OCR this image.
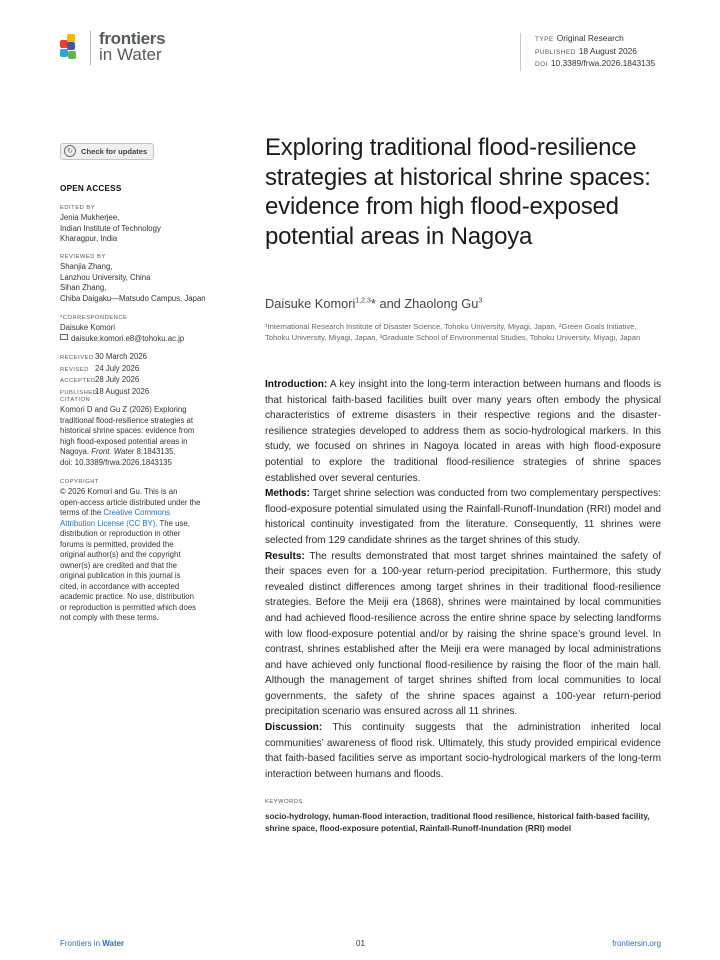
frontiers
in Water
TYPE Original Research
PUBLISHED 18 August 2026
DOI 10.3389/frwa.2026.1843135
↻	Check for updates
OPEN ACCESS
EDITED BY
Jenia Mukherjee,
Indian Institute of Technology
Kharagpur, India
REVIEWED BY
Shanjia Zhang,
Lanzhou University, China
Sihan Zhang,
Chiba Daigaku—Matsudo Campus, Japan
*CORRESPONDENCE
Daisuke Komori
daisuke.komori.e8@tohoku.ac.jp
RECEIVED30 March 2026
REVISED 24 July 2026
ACCEPTED28 July 2026
PUBLISHED18 August 2026
CITATION
Komori D and Gu Z (2026) Exploring
traditional flood-resilience strategies at
historical shrine spaces: evidence from
high flood-exposed potential areas in
Nagoya. Front. Water 8:1843135.
doi: 10.3389/frwa.2026.1843135
COPYRIGHT
© 2026 Komori and Gu. This is an
open-access article distributed under the
terms of the Creative Commons
Attribution License (CC BY). The use,
distribution or reproduction in other
forums is permitted, provided the
original author(s) and the copyright
owner(s) are credited and that the
original publication in this journal is
cited, in accordance with accepted
academic practice. No use, distribution
or reproduction is permitted which does
not comply with these terms.
Exploring traditional flood-resilience strategies at historical shrine spaces: evidence from high flood-exposed potential areas in Nagoya
Daisuke Komori$^{1,2,3}$* and Zhaolong Gu$^3$
¹International Research Institute of Disaster Science, Tohoku University, Miyagi, Japan, ²Green Goals Initiative, Tohoku University, Miyagi, Japan, ³Graduate School of Environmental Studies, Tohoku University, Miyagi, Japan

Introduction: A key insight into the long-term interaction between humans and floods is that historical faith-based facilities built over many years often embody the physical characteristics of extreme disasters in their respective regions and the disaster-resilience strategies developed to address them as socio-hydrological markers. In this study, we focused on shrines in Nagoya located in areas with high flood-exposure potential to explore the traditional flood-resilience strategies of shrine spaces established over several centuries.

Methods: Target shrine selection was conducted from two complementary perspectives: flood-exposure potential simulated using the Rainfall-Runoff-Inundation (RRI) model and historical continuity investigated from the literature. Consequently, 11 shrines were selected from 129 candidate shrines as the target shrines of this study.

Results: The results demonstrated that most target shrines maintained the safety of their spaces even for a 100-year return-period precipitation. Furthermore, this study revealed distinct differences among target shrines in their traditional flood-resilience strategies. Before the Meiji era (1868), shrines were maintained by local communities and had achieved flood-resilience across the entire shrine space by selecting landforms with low flood-exposure potential and/or by raising the shrine space’s ground level. In contrast, shrines established after the Meiji era were managed by local administrations and have achieved only functional flood-resilience by raising the floor of the main hall. Although the management of target shrines shifted from local communities to local governments, the safety of the shrine spaces against a 100-year return-period precipitation scenario was ensured across all 11 shrines.

Discussion: This continuity suggests that the administration inherited local communities’ awareness of flood risk. Ultimately, this study provided empirical evidence that faith-based facilities serve as important socio-hydrological markers of the long-term interaction between humans and floods.

KEYWORDS
socio-hydrology, human-flood interaction, traditional flood resilience, historical faith-based facility, shrine space, flood-exposure potential, Rainfall-Runoff-Inundation (RRI) model
Frontiers in Water	01	frontiersin.org
